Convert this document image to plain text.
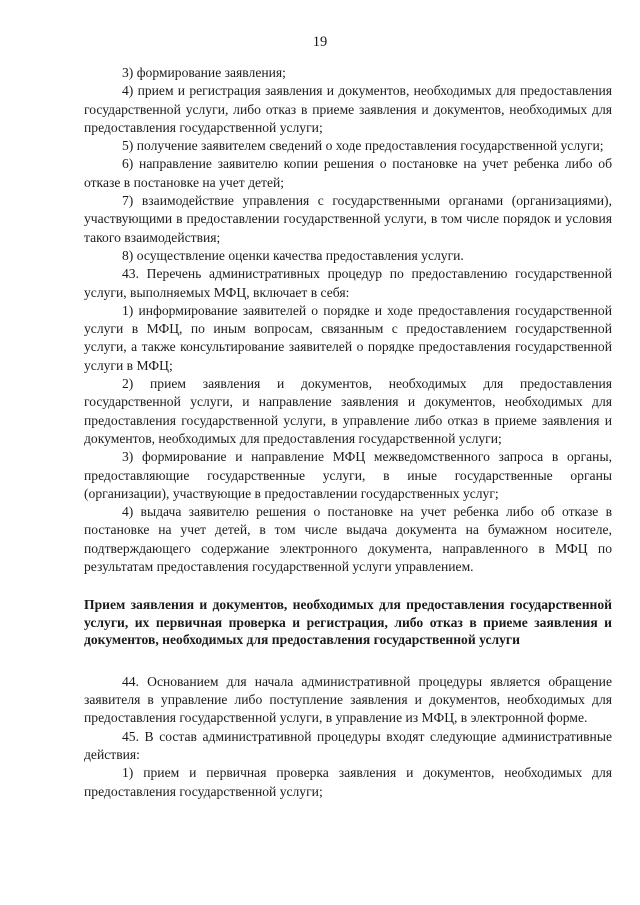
19

3) формирование заявления;

4) прием и регистрация заявления и документов, необходимых для предоставления государственной услуги, либо отказ в приеме заявления и документов, необходимых для предоставления государственной услуги;

5) получение заявителем сведений о ходе предоставления государственной услуги;

6) направление заявителю копии решения о постановке на учет ребенка либо об отказе в постановке на учет детей;

7) взаимодействие управления с государственными органами (организациями), участвующими в предоставлении государственной услуги, в том числе порядок и условия такого взаимодействия;

8) осуществление оценки качества предоставления услуги.

43. Перечень административных процедур по предоставлению государственной услуги, выполняемых МФЦ, включает в себя:

1) информирование заявителей о порядке и ходе предоставления государственной услуги в МФЦ, по иным вопросам, связанным с предоставлением государственной услуги, а также консультирование заявителей о порядке предоставления государственной услуги в МФЦ;

2) прием заявления и документов, необходимых для предоставления государственной услуги, и направление заявления и документов, необходимых для предоставления государственной услуги, в управление либо отказ в приеме заявления и документов, необходимых для предоставления государственной услуги;

3) формирование и направление МФЦ межведомственного запроса в органы, предоставляющие государственные услуги, в иные государственные органы (организации), участвующие в предоставлении государственных услуг;

4) выдача заявителю решения о постановке на учет ребенка либо об отказе в постановке на учет детей, в том числе выдача документа на бумажном носителе, подтверждающего содержание электронного документа, направленного в МФЦ по результатам предоставления государственной услуги управлением.

Прием заявления и документов, необходимых для предоставления государственной услуги, их первичная проверка и регистрация, либо отказ в приеме заявления и документов, необходимых для предоставления государственной услуги

44. Основанием для начала административной процедуры является обращение заявителя в управление либо поступление заявления и документов, необходимых для предоставления государственной услуги, в управление из МФЦ, в электронной форме.

45. В состав административной процедуры входят следующие административные действия:

1) прием и первичная проверка заявления и документов, необходимых для предоставления государственной услуги;
